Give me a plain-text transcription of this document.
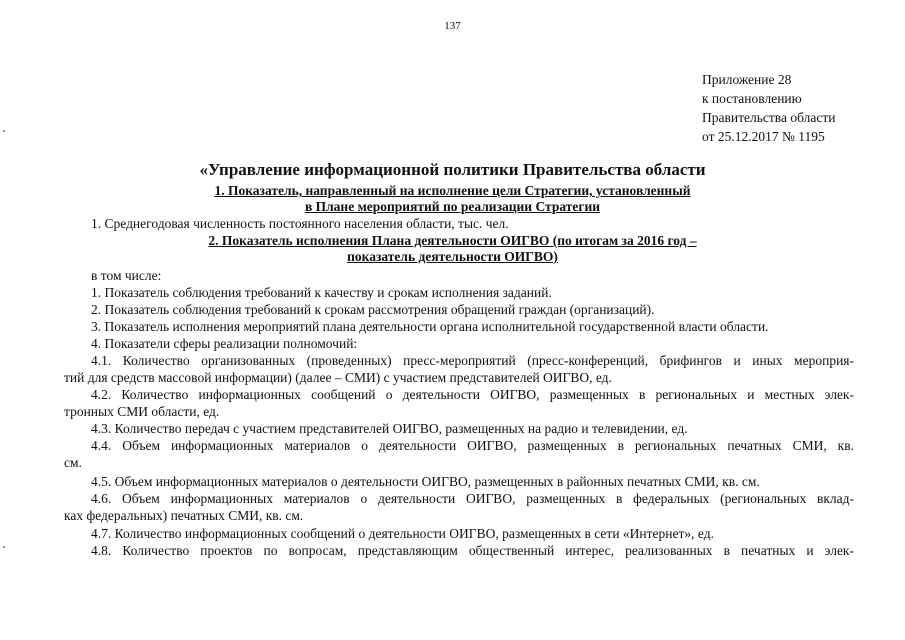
137
Приложение 28
к постановлению
Правительства области
от 25.12.2017 № 1195
«Управление информационной политики Правительства области
1. Показатель, направленный на исполнение цели Стратегии, установленный
в Плане мероприятий по реализации Стратегии
1. Среднегодовая численность постоянного населения области, тыс. чел.
2. Показатель исполнения Плана деятельности ОИГВО (по итогам за 2016 год –
показатель деятельности ОИГВО)
в том числе:
1. Показатель соблюдения требований к качеству и срокам исполнения заданий.
2. Показатель соблюдения требований к срокам рассмотрения обращений граждан (организаций).
3. Показатель исполнения мероприятий плана деятельности органа исполнительной государственной власти области.
4. Показатели сферы реализации полномочий:
4.1. Количество организованных (проведенных) пресс-мероприятий (пресс-конференций, брифингов и иных мероприя-
тий для средств массовой информации) (далее – СМИ) с участием представителей ОИГВО, ед.
4.2. Количество информационных сообщений о деятельности ОИГВО, размещенных в региональных и местных элек-
тронных СМИ области, ед.
4.3. Количество передач с участием представителей ОИГВО, размещенных на радио и телевидении, ед.
4.4. Объем информационных материалов о деятельности ОИГВО, размещенных в региональных печатных СМИ, кв.
см.
4.5. Объем информационных материалов о деятельности ОИГВО, размещенных в районных печатных СМИ, кв. см.
4.6. Объем информационных материалов о деятельности ОИГВО, размещенных в федеральных (региональных вклад-
ках федеральных) печатных СМИ, кв. см.
4.7. Количество информационных сообщений о деятельности ОИГВО, размещенных в сети «Интернет», ед.
4.8. Количество проектов по вопросам, представляющим общественный интерес, реализованных в печатных и элек-
